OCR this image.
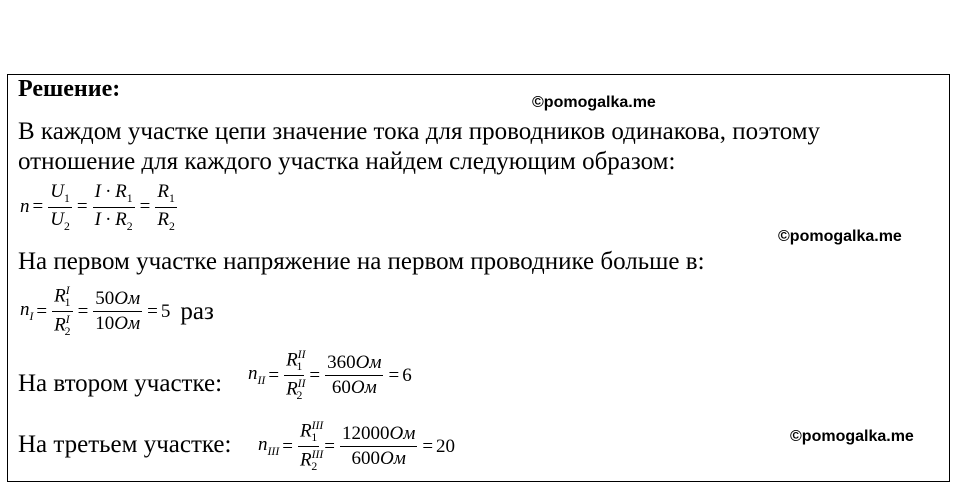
Решение:
©pomogalka.me
В каждом участке цепи значение тока для проводников одинакова, поэтому
отношение для каждого участка найдем следующим образом:
$n = \frac{U_1}{U_2} = \frac{I \cdot R_1}{I \cdot R_2} = \frac{R_1}{R_2}$
©pomogalka.me
На первом участке напряжение на первом проводнике больше в:
$n_I = \frac{R^I_1}{R^I_2} = \frac{50Ом}{10Ом} = 5$ раз
На втором участке: $n_{II} = \frac{R^{II}_1}{R^{II}_2} = \frac{360Ом}{60Ом} = 6$
На третьем участке: $n_{III} = \frac{R^{III}_1}{R^{III}_2} = \frac{12000Ом}{600Ом} = 20$	©pomogalka.me
